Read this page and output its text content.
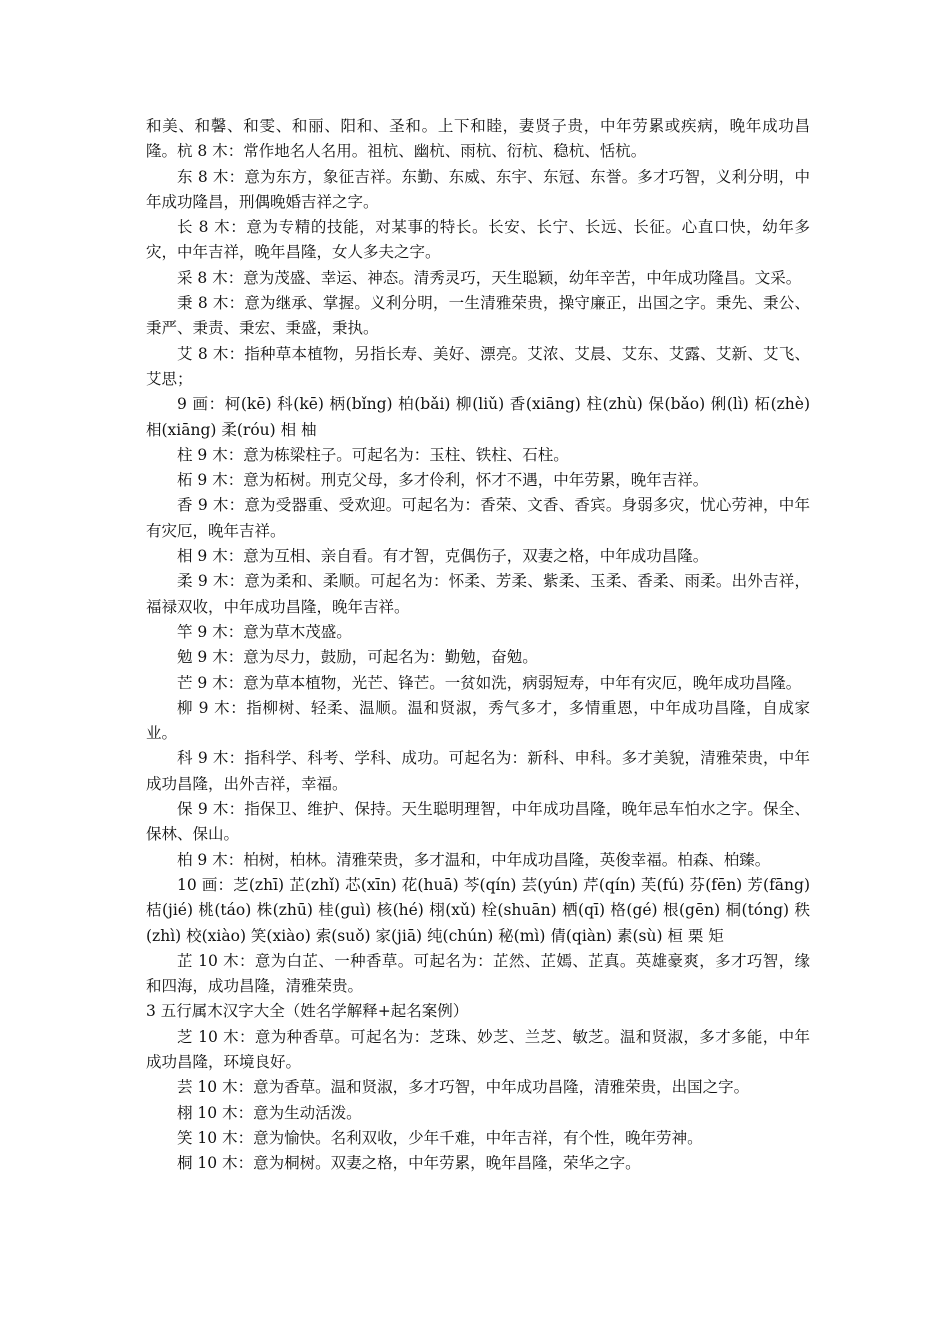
和美、和馨、和雯、和丽、阳和、圣和。上下和睦，妻贤子贵，中年劳累或疾病，晚年成功昌隆。杭 8 木：常作地名人名用。祖杭、幽杭、雨杭、衍杭、稳杭、恬杭。

东 8 木：意为东方，象征吉祥。东勤、东威、东宇、东冠、东誉。多才巧智，义利分明，中年成功隆昌，刑偶晚婚吉祥之字。

长 8 木：意为专精的技能，对某事的特长。长安、长宁、长远、长征。心直口快，幼年多灾，中年吉祥，晚年昌隆，女人多夫之字。

采 8 木：意为茂盛、幸运、神态。清秀灵巧，天生聪颖，幼年辛苦，中年成功隆昌。文采。

秉 8 木：意为继承、掌握。义利分明，一生清雅荣贵，操守廉正，出国之字。秉先、秉公、秉严、秉责、秉宏、秉盛，秉执。

艾 8 木：指种草本植物，另指长寿、美好、漂亮。艾浓、艾晨、艾东、艾露、艾新、艾飞、艾思；

9 画：柯(kē) 科(kē) 柄(bǐng) 柏(bǎi) 柳(liǔ) 香(xiāng) 柱(zhù) 保(bǎo) 俐(lì) 柘(zhè) 相(xiāng) 柔(róu) 相 柚

柱 9 木：意为栋梁柱子。可起名为：玉柱、铁柱、石柱。

柘 9 木：意为柘树。刑克父母，多才伶利，怀才不遇，中年劳累，晚年吉祥。

香 9 木：意为受器重、受欢迎。可起名为：香荣、文香、香宾。身弱多灾，忧心劳神，中年有灾厄，晚年吉祥。

相 9 木：意为互相、亲自看。有才智，克偶伤子，双妻之格，中年成功昌隆。

柔 9 木：意为柔和、柔顺。可起名为：怀柔、芳柔、紫柔、玉柔、香柔、雨柔。出外吉祥，福禄双收，中年成功昌隆，晚年吉祥。

竿 9 木：意为草木茂盛。

勉 9 木：意为尽力，鼓励，可起名为：勤勉，奋勉。

芒 9 木：意为草本植物，光芒、锋芒。一贫如洗，病弱短寿，中年有灾厄，晚年成功昌隆。

柳 9 木：指柳树、轻柔、温顺。温和贤淑，秀气多才，多情重恩，中年成功昌隆，自成家业。

科 9 木：指科学、科考、学科、成功。可起名为：新科、申科。多才美貌，清雅荣贵，中年成功昌隆，出外吉祥，幸福。

保 9 木：指保卫、维护、保持。天生聪明理智，中年成功昌隆，晚年忌车怕水之字。保全、保林、保山。

柏 9 木：柏树，柏林。清雅荣贵，多才温和，中年成功昌隆，英俊幸福。柏森、柏臻。

10 画：芝(zhī) 芷(zhǐ) 芯(xīn) 花(huā) 芩(qín) 芸(yún) 芹(qín) 芙(fú) 芬(fēn) 芳(fāng) 桔(jié) 桃(táo) 株(zhū) 桂(guì) 核(hé) 栩(xǔ) 栓(shuān) 栖(qī) 格(gé) 根(gēn) 桐(tóng) 秩(zhì) 校(xiào) 笑(xiào) 索(suǒ) 家(jiā) 纯(chún) 秘(mì) 倩(qiàn) 素(sù) 桓 栗 矩

芷 10 木：意为白芷、一种香草。可起名为：芷然、芷嫣、芷真。英雄豪爽，多才巧智，缘和四海，成功昌隆，清雅荣贵。

3 五行属木汉字大全（姓名学解释+起名案例）

芝 10 木：意为种香草。可起名为：芝珠、妙芝、兰芝、敏芝。温和贤淑，多才多能，中年成功昌隆，环境良好。

芸 10 木：意为香草。温和贤淑，多才巧智，中年成功昌隆，清雅荣贵，出国之字。

栩 10 木：意为生动活泼。

笑 10 木：意为愉快。名利双收，少年千难，中年吉祥，有个性，晚年劳神。

桐 10 木：意为桐树。双妻之格，中年劳累，晚年昌隆，荣华之字。
